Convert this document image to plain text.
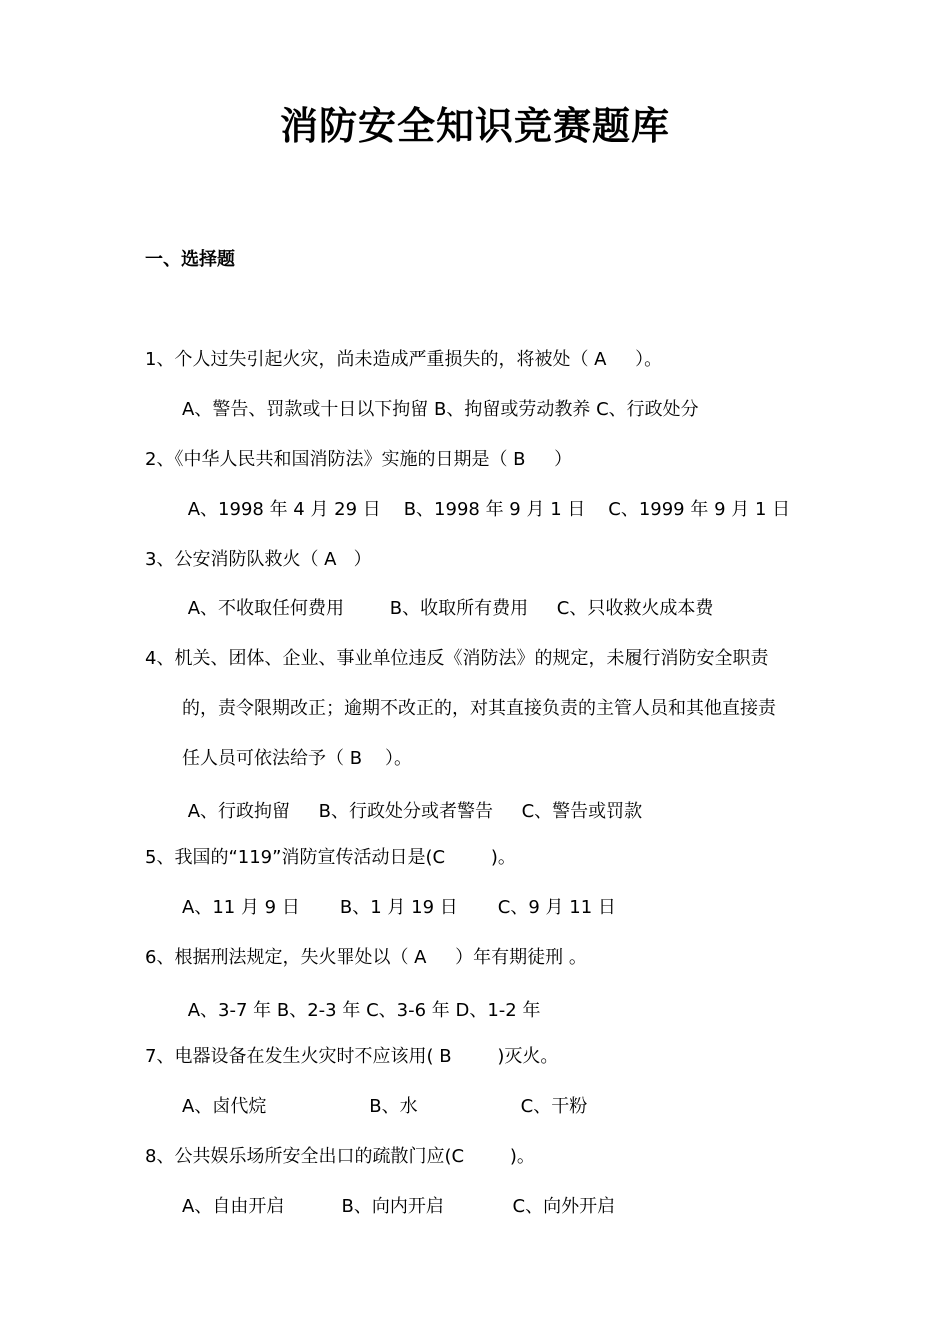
消防安全知识竞赛题库
一、选择题
1、个人过失引起火灾，尚未造成严重损失的，将被处（ A     ）。
A、警告、罚款或十日以下拘留 B、拘留或劳动教养 C、行政处分
2、《中华人民共和国消防法》实施的日期是（ B     ）
A、1998 年 4 月 29 日    B、1998 年 9 月 1 日    C、1999 年 9 月 1 日
3、公安消防队救火（ A   ）
A、不收取任何费用        B、收取所有费用     C、只收救火成本费
4、机关、团体、企业、事业单位违反《消防法》的规定，未履行消防安全职责
的，责令限期改正；逾期不改正的，对其直接负责的主管人员和其他直接责
任人员可依法给予（ B    ）。
A、行政拘留     B、行政处分或者警告     C、警告或罚款
5、我国的“119”消防宣传活动日是(C        )。
A、11 月 9 日       B、1 月 19 日       C、9 月 11 日
6、根据刑法规定，失火罪处以（ A     ）年有期徒刑 。
A、3-7 年 B、2-3 年 C、3-6 年 D、1-2 年
7、电器设备在发生火灾时不应该用( B        )灭火。
A、卤代烷                  B、水                  C、干粉
8、公共娱乐场所安全出口的疏散门应(C        )。
A、自由开启          B、向内开启            C、向外开启
